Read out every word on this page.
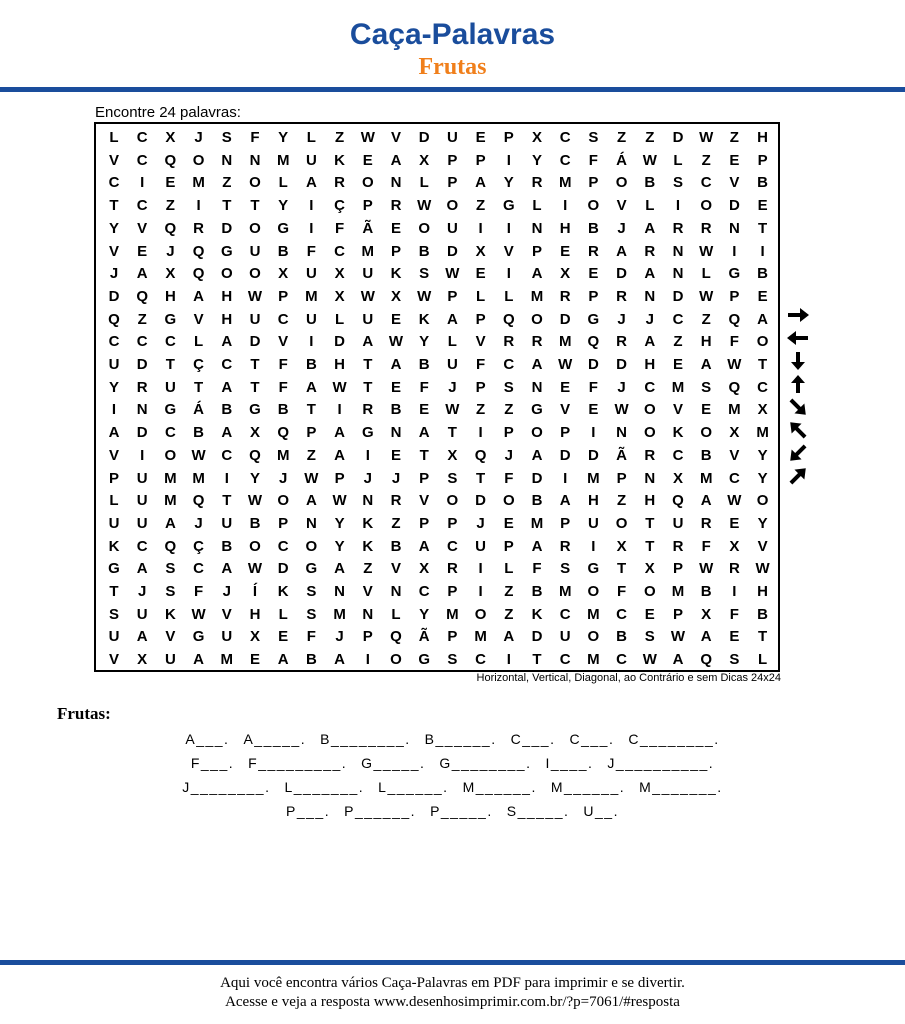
Caça-Palavras
Frutas
Encontre 24 palavras:
L	C	X	J	S	F	Y	L	Z	W	V	D	U	E	P	X	C	S	Z	Z	D	W	Z	H
V	C	Q	O	N	N	M	U	K	E	A	X	P	P	I	Y	C	F	Á	W	L	Z	E	P
C	I	E	M	Z	O	L	A	R	O	N	L	P	A	Y	R	M	P	O	B	S	C	V	B
T	C	Z	I	T	T	Y	I	Ç	P	R	W	O	Z	G	L	I	O	V	L	I	O	D	E
Y	V	Q	R	D	O	G	I	F	Ã	E	O	U	I	I	N	H	B	J	A	R	R	N	T
V	E	J	Q	G	U	B	F	C	M	P	B	D	X	V	P	E	R	A	R	N	W	I	I
J	A	X	Q	O	O	X	U	X	U	K	S	W	E	I	A	X	E	D	A	N	L	G	B
D	Q	H	A	H	W	P	M	X	W	X	W	P	L	L	M	R	P	R	N	D	W	P	E
Q	Z	G	V	H	U	C	U	L	U	E	K	A	P	Q	O	D	G	J	J	C	Z	Q	A
C	C	C	L	A	D	V	I	D	A	W	Y	L	V	R	R	M	Q	R	A	Z	H	F	O
U	D	T	Ç	C	T	F	B	H	T	A	B	U	F	C	A	W	D	D	H	E	A	W	T
Y	R	U	T	A	T	F	A	W	T	E	F	J	P	S	N	E	F	J	C	M	S	Q	C
I	N	G	Á	B	G	B	T	I	R	B	E	W	Z	Z	G	V	E	W	O	V	E	M	X
A	D	C	B	A	X	Q	P	A	G	N	A	T	I	P	O	P	I	N	O	K	O	X	M
V	I	O	W	C	Q	M	Z	A	I	E	T	X	Q	J	A	D	D	Ã	R	C	B	V	Y
P	U	M	M	I	Y	J	W	P	J	J	P	S	T	F	D	I	M	P	N	X	M	C	Y
L	U	M	Q	T	W	O	A	W	N	R	V	O	D	O	B	A	H	Z	H	Q	A	W	O
U	U	A	J	U	B	P	N	Y	K	Z	P	P	J	E	M	P	U	O	T	U	R	E	Y
K	C	Q	Ç	B	O	C	O	Y	K	B	A	C	U	P	A	R	I	X	T	R	F	X	V
G	A	S	C	A	W	D	G	A	Z	V	X	R	I	L	F	S	G	T	X	P	W	R	W
T	J	S	F	J	Í	K	S	N	V	N	C	P	I	Z	B	M	O	F	O	M	B	I	H
S	U	K	W	V	H	L	S	M	N	L	Y	M	O	Z	K	C	M	C	E	P	X	F	B
U	A	V	G	U	X	E	F	J	P	Q	Ã	P	M	A	D	U	O	B	S	W	A	E	T
V	X	U	A	M	E	A	B	A	I	O	G	S	C	I	T	C	M	C	W	A	Q	S	L
Horizontal, Vertical, Diagonal, ao Contrário e sem Dicas 24x24
Frutas:
A___. A_____. B________. B______. C___. C___. C________.
F___. F_________. G_____. G________. I____. J__________.
J________. L_______. L______. M______. M______. M_______.
P___. P______. P_____. S_____. U__.
Aqui você encontra vários Caça-Palavras em PDF para imprimir e se divertir.
Acesse e veja a resposta www.desenhosimprimir.com.br/?p=7061/#resposta
